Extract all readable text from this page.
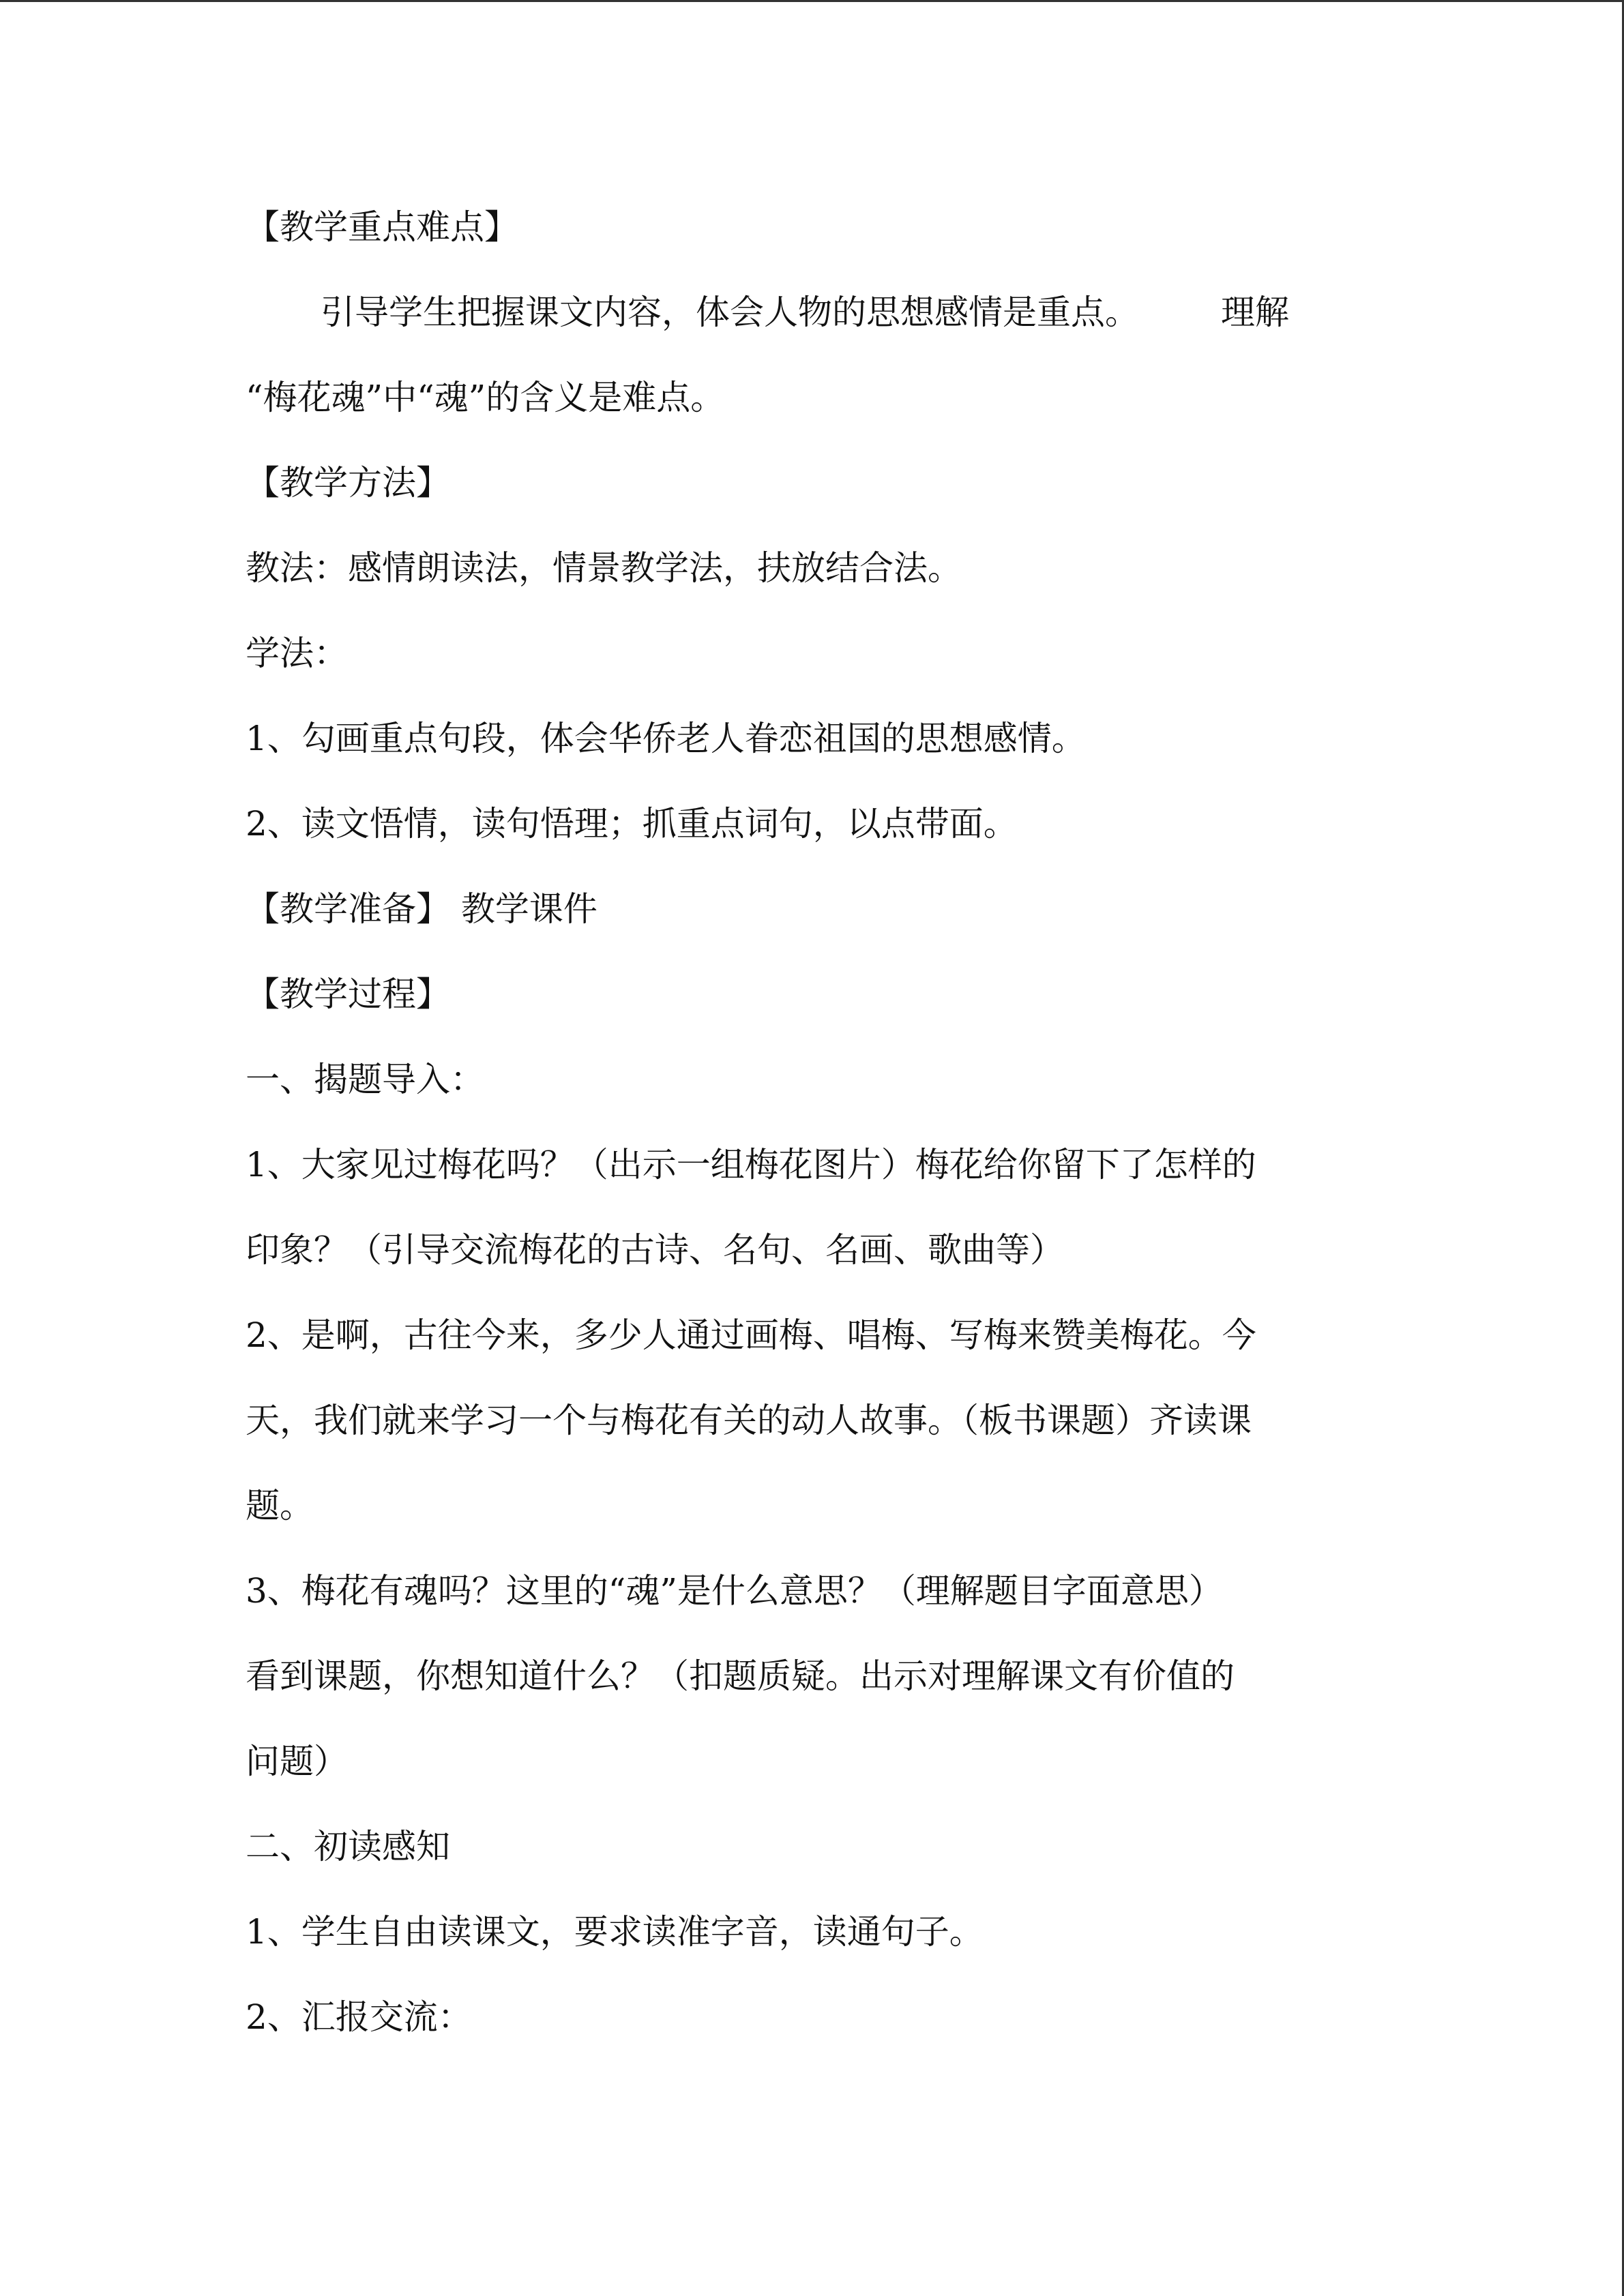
【教学重点难点】
引导学生把握课文内容，体会人物的思想感情是重点。 理解
“梅花魂”中“魂”的含义是难点。
【教学方法】
教法：感情朗读法，情景教学法，扶放结合法。
学法：
1、勾画重点句段，体会华侨老人眷恋祖国的思想感情。
2、读文悟情，读句悟理；抓重点词句，以点带面。
【教学准备】 教学课件
【教学过程】
一、揭题导入：
1、大家见过梅花吗？（出示一组梅花图片）梅花给你留下了怎样的
印象？（引导交流梅花的古诗、名句、名画、歌曲等）
2、是啊，古往今来，多少人通过画梅、唱梅、写梅来赞美梅花。今
天，我们就来学习一个与梅花有关的动人故事。（板书课题）齐读课
题。
3、梅花有魂吗？这里的“魂”是什么意思？（理解题目字面意思）
看到课题，你想知道什么？（扣题质疑。出示对理解课文有价值的
问题）
二、初读感知
1、学生自由读课文，要求读准字音，读通句子。
2、汇报交流：
